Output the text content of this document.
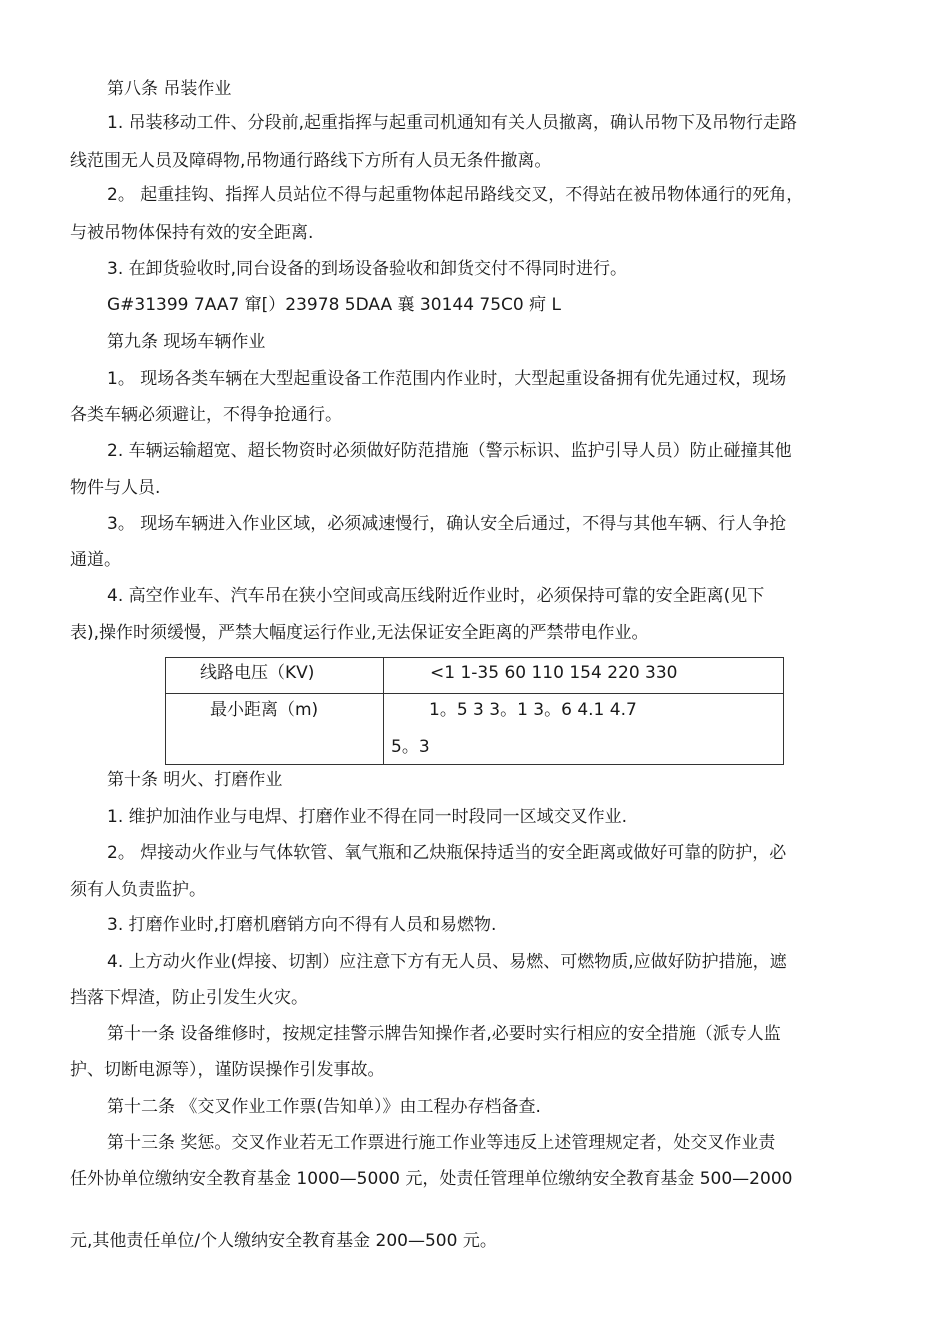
第八条 吊装作业
1. 吊装移动工件、分段前,起重指挥与起重司机通知有关人员撤离，确认吊物下及吊物行走路
线范围无人员及障碍物,吊物通行路线下方所有人员无条件撤离。
2。 起重挂钩、指挥人员站位不得与起重物体起吊路线交叉，不得站在被吊物体通行的死角，
与被吊物体保持有效的安全距离.
3. 在卸货验收时,同台设备的到场设备验收和卸货交付不得同时进行。
G#31399 7AA7 窜[）23978 5DAA 襄 30144 75C0 疴 L
第九条 现场车辆作业
1。 现场各类车辆在大型起重设备工作范围内作业时，大型起重设备拥有优先通过权，现场
各类车辆必须避让，不得争抢通行。
2. 车辆运输超宽、超长物资时必须做好防范措施（警示标识、监护引导人员）防止碰撞其他
物件与人员.
3。 现场车辆进入作业区域，必须减速慢行，确认安全后通过，不得与其他车辆、行人争抢
通道。
4. 高空作业车、汽车吊在狭小空间或高压线附近作业时，必须保持可靠的安全距离(见下
表),操作时须缓慢，严禁大幅度运行作业,无法保证安全距离的严禁带电作业。
第十条 明火、打磨作业
1. 维护加油作业与电焊、打磨作业不得在同一时段同一区域交叉作业.
2。 焊接动火作业与气体软管、氧气瓶和乙炔瓶保持适当的安全距离或做好可靠的防护，必
须有人负责监护。
3. 打磨作业时,打磨机磨销方向不得有人员和易燃物.
4. 上方动火作业(焊接、切割）应注意下方有无人员、易燃、可燃物质,应做好防护措施，遮
挡落下焊渣，防止引发生火灾。
第十一条 设备维修时，按规定挂警示牌告知操作者,必要时实行相应的安全措施（派专人监
护、切断电源等），谨防误操作引发事故。
第十二条 《交叉作业工作票(告知单）》由工程办存档备查.
第十三条 奖惩。交叉作业若无工作票进行施工作业等违反上述管理规定者，处交叉作业责
任外协单位缴纳安全教育基金 1000—5000 元，处责任管理单位缴纳安全教育基金 500—2000
元,其他责任单位/个人缴纳安全教育基金 200—500 元。
线路电压（KV)	<1 1-35 60 110 154 220 330
最小距离（m)	1。5 3 3。1 3。6 4.1 4.7
5。3
